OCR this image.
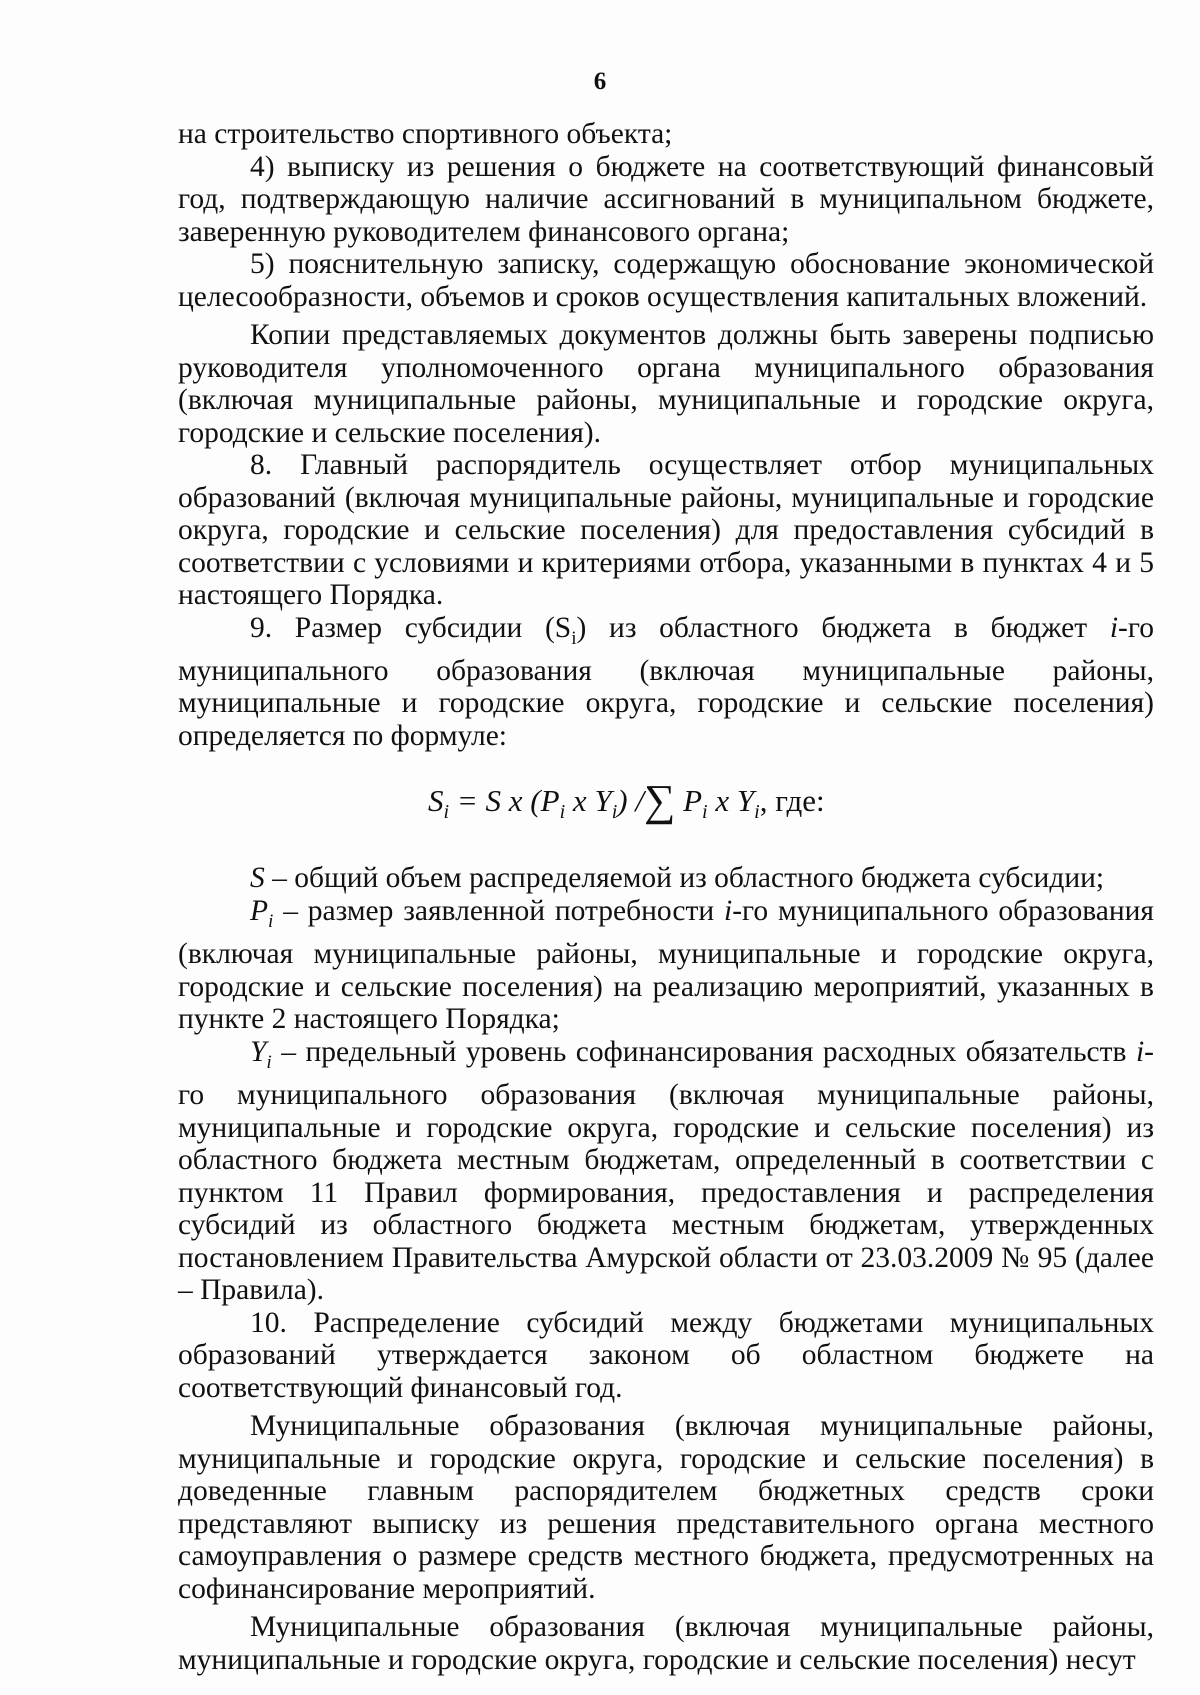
6

на строительство спортивного объекта;

4) выписку из решения о бюджете на соответствующий финансовый год, подтверждающую наличие ассигнований в муниципальном бюджете, заверенную руководителем финансового органа;

5) пояснительную записку, содержащую обоснование экономической целесообразности, объемов и сроков осуществления капитальных вложений.

Копии представляемых документов должны быть заверены подписью руководителя уполномоченного органа муниципального образования (включая муниципальные районы, муниципальные и городские округа, городские и сельские поселения).

8. Главный распорядитель осуществляет отбор муниципальных образований (включая муниципальные районы, муниципальные и городские округа, городские и сельские поселения) для предоставления субсидий в соответствии с условиями и критериями отбора, указанными в пунктах 4 и 5 настоящего Порядка.

9. Размер субсидии $(S_i)$ из областного бюджета в бюджет i-го муниципального образования (включая муниципальные районы, муниципальные и городские округа, городские и сельские поселения) определяется по формуле:

$S_i = S$ x ($P_i$ x $Y_i$) /∑ $P_i$ x $Y_i$, где:

S – общий объем распределяемой из областного бюджета субсидии;

$P_i$ – размер заявленной потребности i-го муниципального образования (включая муниципальные районы, муниципальные и городские округа, городские и сельские поселения) на реализацию мероприятий, указанных в пункте 2 настоящего Порядка;

$Y_i$ – предельный уровень софинансирования расходных обязательств i-го муниципального образования (включая муниципальные районы, муниципальные и городские округа, городские и сельские поселения) из областного бюджета местным бюджетам, определенный в соответствии с пунктом 11 Правил формирования, предоставления и распределения субсидий из областного бюджета местным бюджетам, утвержденных постановлением Правительства Амурской области от 23.03.2009 № 95 (далее – Правила).

10. Распределение субсидий между бюджетами муниципальных образований утверждается законом об областном бюджете на соответствующий финансовый год.

Муниципальные образования (включая муниципальные районы, муниципальные и городские округа, городские и сельские поселения) в доведенные главным распорядителем бюджетных средств сроки представляют выписку из решения представительного органа местного самоуправления о размере средств местного бюджета, предусмотренных на софинансирование мероприятий.

Муниципальные образования (включая муниципальные районы, муниципальные и городские округа, городские и сельские поселения) несут
